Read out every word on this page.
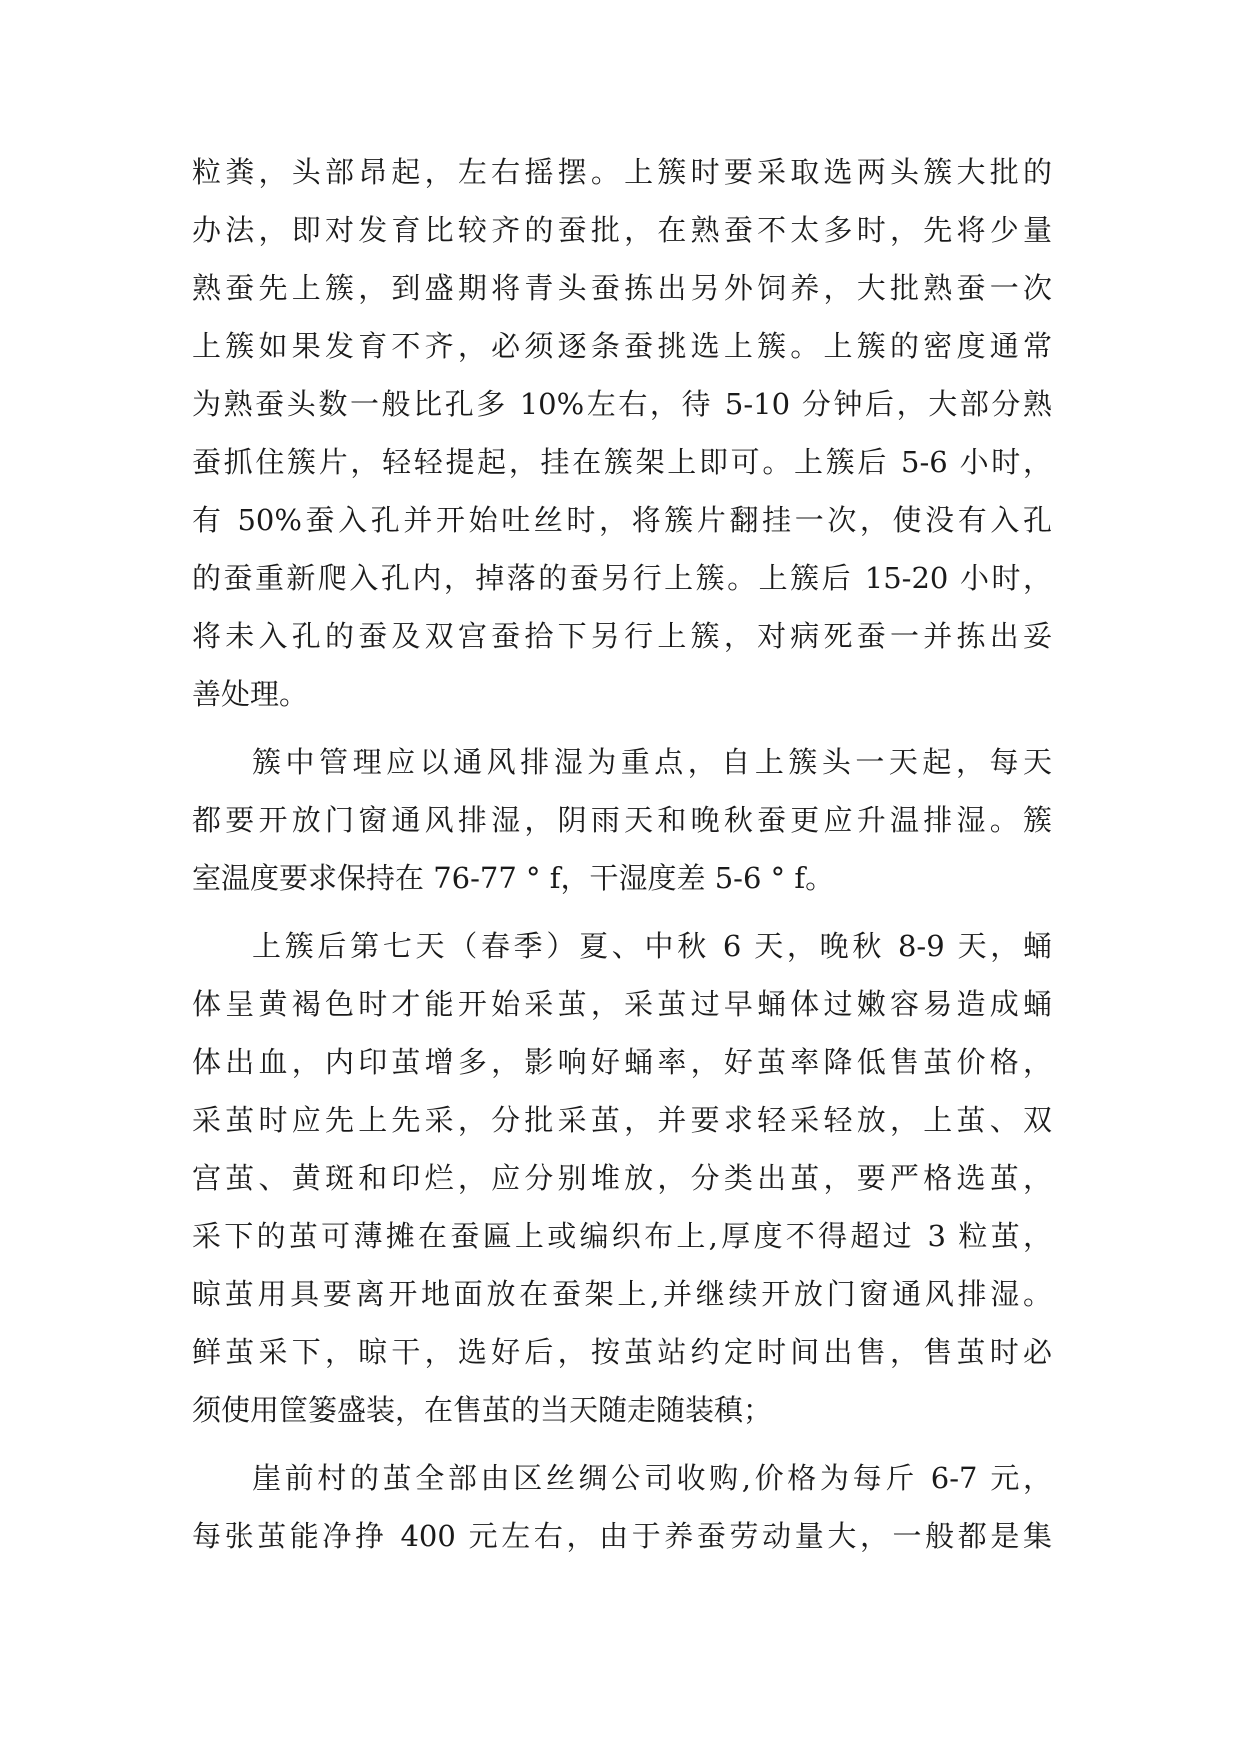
粒粪，头部昂起，左右摇摆。上簇时要采取选两头簇大批的
办法，即对发育比较齐的蚕批，在熟蚕不太多时，先将少量
熟蚕先上簇，到盛期将青头蚕拣出另外饲养，大批熟蚕一次
上簇如果发育不齐，必须逐条蚕挑选上簇。上簇的密度通常
为熟蚕头数一般比孔多 10%左右，待 5-10 分钟后，大部分熟
蚕抓住簇片，轻轻提起，挂在簇架上即可。上簇后 5-6 小时，
有 50%蚕入孔并开始吐丝时，将簇片翻挂一次，使没有入孔
的蚕重新爬入孔内，掉落的蚕另行上簇。上簇后 15-20 小时，
将未入孔的蚕及双宫蚕拾下另行上簇，对病死蚕一并拣出妥
善处理。
簇中管理应以通风排湿为重点，自上簇头一天起，每天
都要开放门窗通风排湿，阴雨天和晚秋蚕更应升温排湿。簇
室温度要求保持在 76-77 ° f，干湿度差 5-6 ° f。
上簇后第七天（春季）夏、中秋 6 天，晚秋 8-9 天，蛹
体呈黄褐色时才能开始采茧，采茧过早蛹体过嫩容易造成蛹
体出血，内印茧增多，影响好蛹率，好茧率降低售茧价格，
采茧时应先上先采，分批采茧，并要求轻采轻放，上茧、双
宫茧、黄斑和印烂，应分别堆放，分类出茧，要严格选茧，
采下的茧可薄摊在蚕匾上或编织布上,厚度不得超过 3 粒茧，
晾茧用具要离开地面放在蚕架上,并继续开放门窗通风排湿。
鲜茧采下，晾干，选好后，按茧站约定时间出售，售茧时必
须使用筐篓盛装，在售茧的当天随走随装稹；
崖前村的茧全部由区丝绸公司收购,价格为每斤 6-7 元，
每张茧能净挣 400 元左右，由于养蚕劳动量大，一般都是集
